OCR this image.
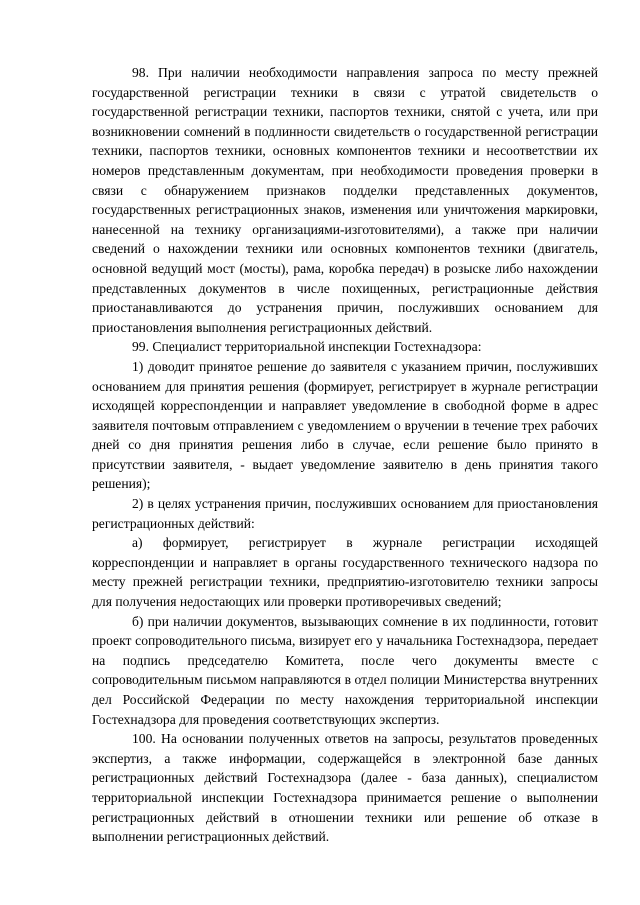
98. При наличии необходимости направления запроса по месту прежней государственной регистрации техники в связи с утратой свидетельств о государственной регистрации техники, паспортов техники, снятой с учета, или при возникновении сомнений в подлинности свидетельств о государственной регистрации техники, паспортов техники, основных компонентов техники и несоответствии их номеров представленным документам, при необходимости проведения проверки в связи с обнаружением признаков подделки представленных документов, государственных регистрационных знаков, изменения или уничтожения маркировки, нанесенной на технику организациями-изготовителями), а также при наличии сведений о нахождении техники или основных компонентов техники (двигатель, основной ведущий мост (мосты), рама, коробка передач) в розыске либо нахождении представленных документов в числе похищенных, регистрационные действия приостанавливаются до устранения причин, послуживших основанием для приостановления выполнения регистрационных действий.

99. Специалист территориальной инспекции Гостехнадзора:

1) доводит принятое решение до заявителя с указанием причин, послуживших основанием для принятия решения (формирует, регистрирует в журнале регистрации исходящей корреспонденции и направляет уведомление в свободной форме в адрес заявителя почтовым отправлением с уведомлением о вручении в течение трех рабочих дней со дня принятия решения либо в случае, если решение было принято в присутствии заявителя, - выдает уведомление заявителю в день принятия такого решения);

2) в целях устранения причин, послуживших основанием для приостановления регистрационных действий:

а) формирует, регистрирует в журнале регистрации исходящей корреспонденции и направляет в органы государственного технического надзора по месту прежней регистрации техники, предприятию-изготовителю техники запросы для получения недостающих или проверки противоречивых сведений;

б) при наличии документов, вызывающих сомнение в их подлинности, готовит проект сопроводительного письма, визирует его у начальника Гостехнадзора, передает на подпись председателю Комитета, после чего документы вместе с сопроводительным письмом направляются в отдел полиции Министерства внутренних дел Российской Федерации по месту нахождения территориальной инспекции Гостехнадзора для проведения соответствующих экспертиз.

100. На основании полученных ответов на запросы, результатов проведенных экспертиз, а также информации, содержащейся в электронной базе данных регистрационных действий Гостехнадзора (далее - база данных), специалистом территориальной инспекции Гостехнадзора принимается решение о выполнении регистрационных действий в отношении техники или решение об отказе в выполнении регистрационных действий.
